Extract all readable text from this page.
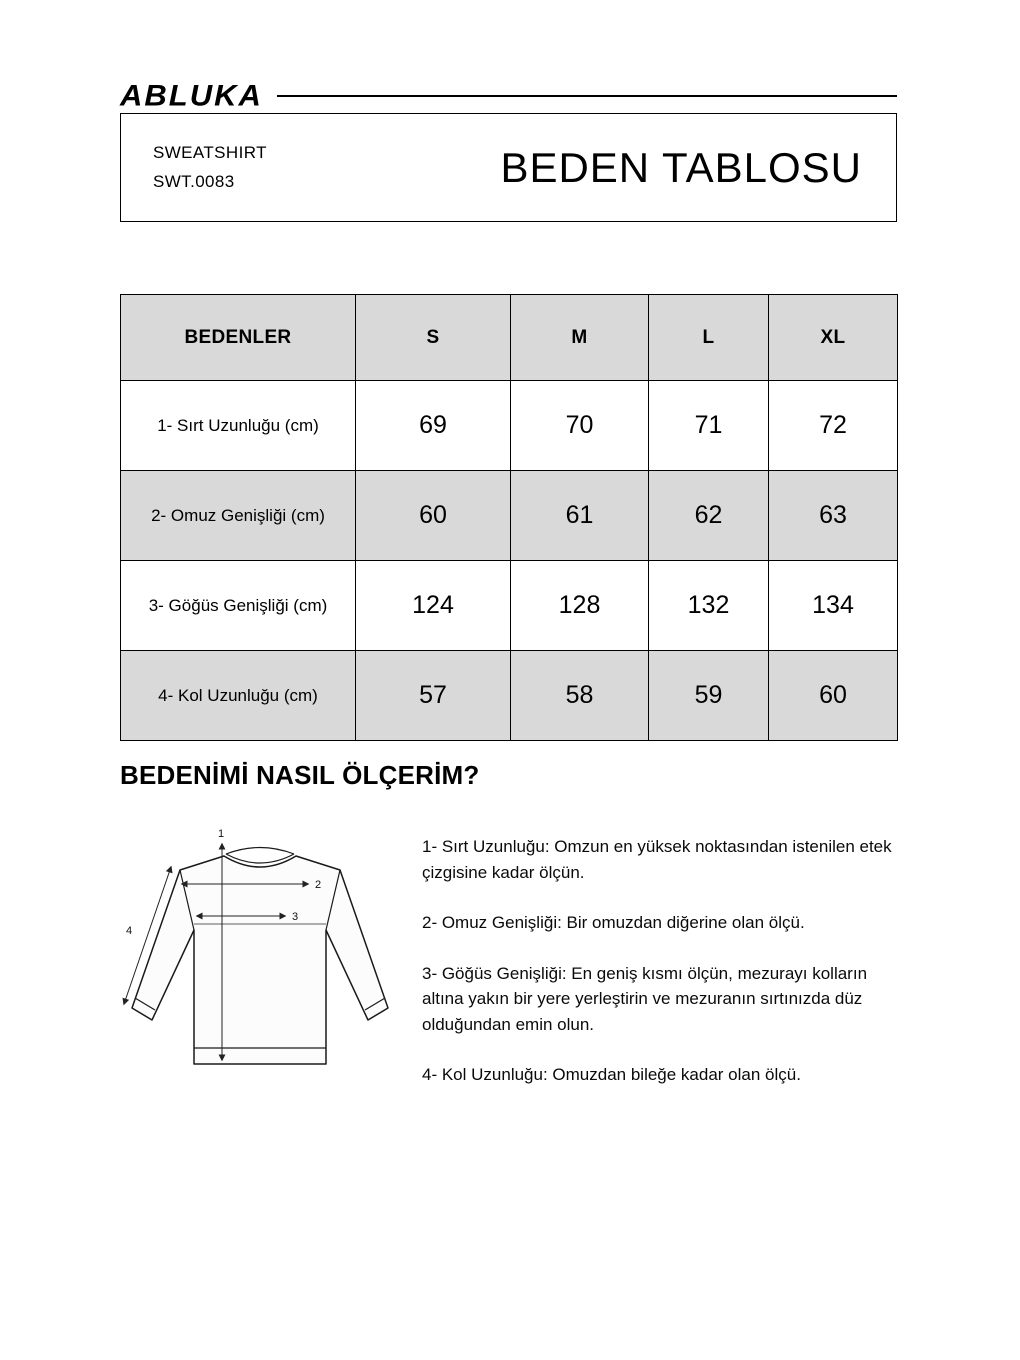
ABLUKA
SWEATSHIRT
SWT.0083	BEDEN TABLOSU
BEDENLER	S	M	L	XL
1- Sırt Uzunluğu (cm)	69	70	71	72
2- Omuz Genişliği (cm)	60	61	62	63
3- Göğüs Genişliği (cm)	124	128	132	134
4- Kol Uzunluğu (cm)	57	58	59	60
BEDENİMİ NASIL ÖLÇERİM?
1
2
3
4

1- Sırt Uzunluğu: Omzun en yüksek noktasından istenilen etek çizgisine kadar ölçün.

2- Omuz Genişliği: Bir omuzdan diğerine olan ölçü.

3- Göğüs Genişliği: En geniş kısmı ölçün, mezurayı kolların altına yakın bir yere yerleştirin ve mezuranın sırtınızda düz olduğundan emin olun.

4- Kol Uzunluğu: Omuzdan bileğe kadar olan ölçü.
